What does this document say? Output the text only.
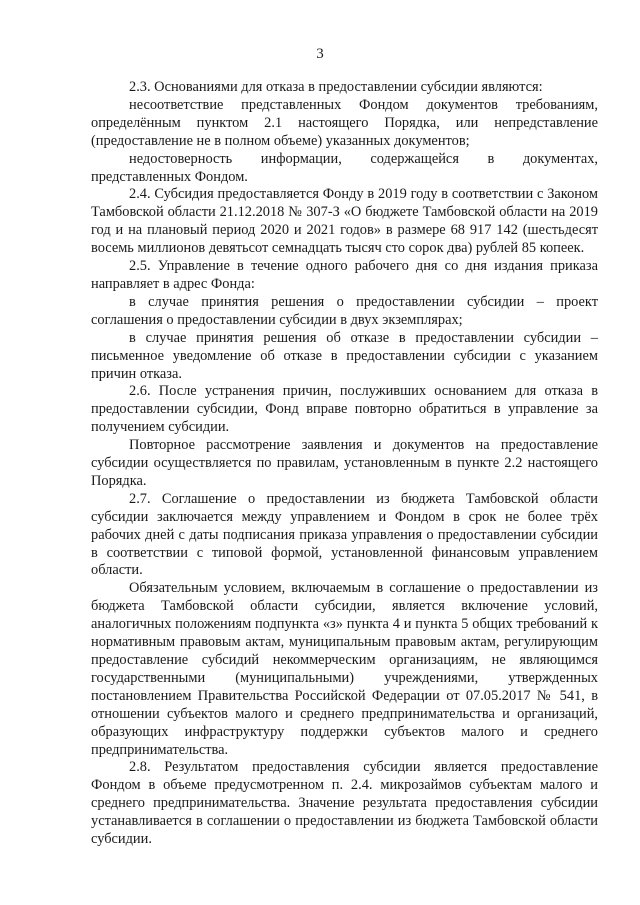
3

2.3. Основаниями для отказа в предоставлении субсидии являются:

несоответствие представленных Фондом документов требованиям, определённым пунктом 2.1 настоящего Порядка, или непредставление (предоставление не в полном объеме) указанных документов;

недостоверность информации, содержащейся в документах, представленных Фондом.

2.4. Субсидия предоставляется Фонду в 2019 году в соответствии с Законом Тамбовской области 21.12.2018 № 307-З «О бюджете Тамбовской области на 2019 год и на плановый период 2020 и 2021 годов» в размере 68 917 142 (шестьдесят восемь миллионов девятьсот семнадцать тысяч сто сорок два) рублей 85 копеек.

2.5. Управление в течение одного рабочего дня со дня издания приказа направляет в адрес Фонда:

в случае принятия решения о предоставлении субсидии – проект соглашения о предоставлении субсидии в двух экземплярах;

в случае принятия решения об отказе в предоставлении субсидии – письменное уведомление об отказе в предоставлении субсидии с указанием причин отказа.

2.6. После устранения причин, послуживших основанием для отказа в предоставлении субсидии, Фонд вправе повторно обратиться в управление за получением субсидии.

Повторное рассмотрение заявления и документов на предоставление субсидии осуществляется по правилам, установленным в пункте 2.2 настоящего Порядка.

2.7. Соглашение о предоставлении из бюджета Тамбовской области субсидии заключается между управлением и Фондом в срок не более трёх рабочих дней с даты подписания приказа управления о предоставлении субсидии в соответствии с типовой формой, установленной финансовым управлением области.

Обязательным условием, включаемым в соглашение о предоставлении из бюджета Тамбовской области субсидии, является включение условий, аналогичных положениям подпункта «з» пункта 4 и пункта 5 общих требований к нормативным правовым актам, муниципальным правовым актам, регулирующим предоставление субсидий некоммерческим организациям, не являющимся государственными (муниципальными) учреждениями, утвержденных постановлением Правительства Российской Федерации от 07.05.2017 № 541, в отношении субъектов малого и среднего предпринимательства и организаций, образующих инфраструктуру поддержки субъектов малого и среднего предпринимательства.

2.8. Результатом предоставления субсидии является предоставление Фондом в объеме предусмотренном п. 2.4. микрозаймов субъектам малого и среднего предпринимательства. Значение результата предоставления субсидии устанавливается в соглашении о предоставлении из бюджета Тамбовской области субсидии.
